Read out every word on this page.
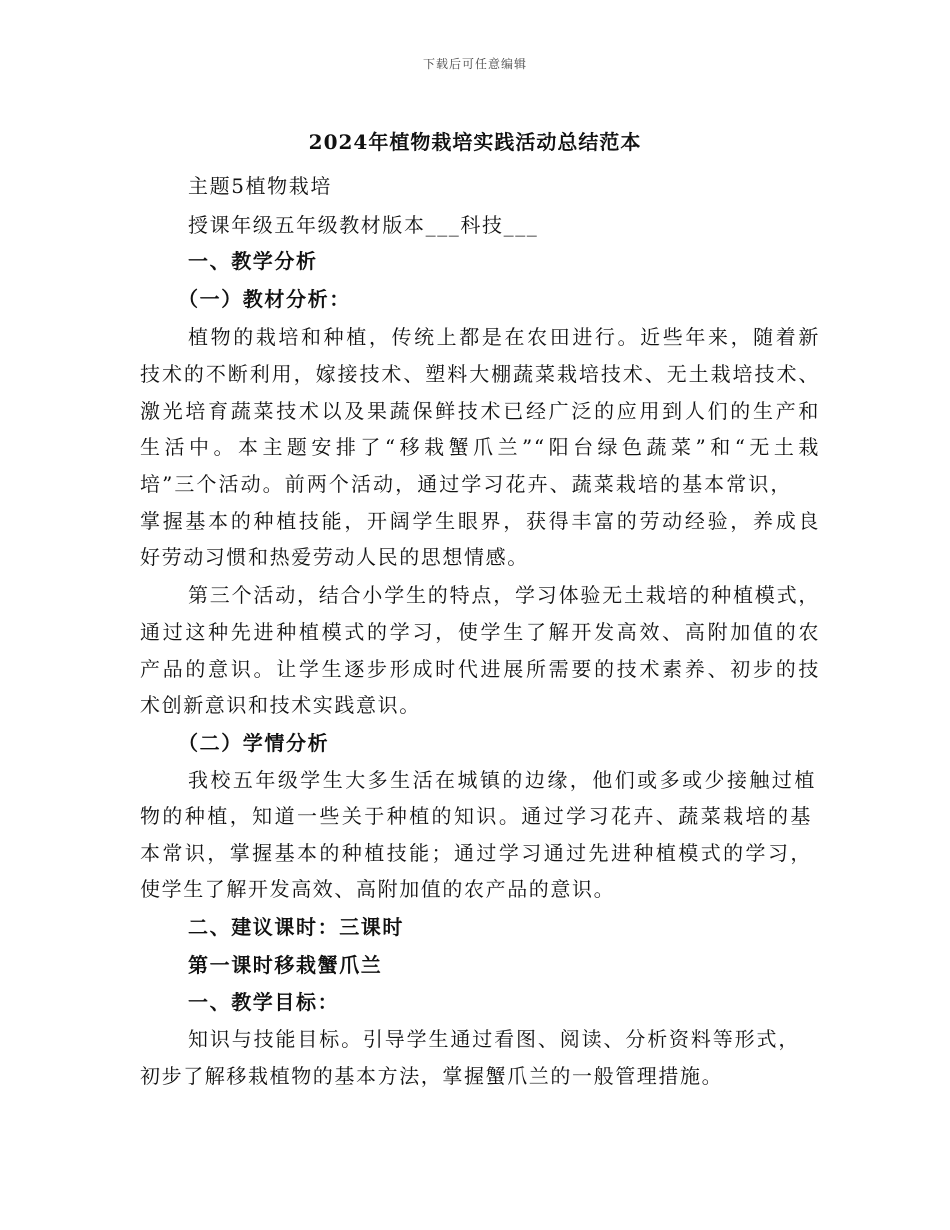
下载后可任意编辑
2024年植物栽培实践活动总结范本
主题5植物栽培
授课年级五年级教材版本___科技___
一、教学分析
（一）教材分析：
植物的栽培和种植，传统上都是在农田进行。近些年来，随着新
技术的不断利用，嫁接技术、塑料大棚蔬菜栽培技术、无土栽培技术、
激光培育蔬菜技术以及果蔬保鲜技术已经广泛的应用到人们的生产和
生活中。本主题安排了“移栽蟹爪兰”“阳台绿色蔬菜”和“无土栽
培”三个活动。前两个活动，通过学习花卉、蔬菜栽培的基本常识，
掌握基本的种植技能，开阔学生眼界，获得丰富的劳动经验，养成良
好劳动习惯和热爱劳动人民的思想情感。
第三个活动，结合小学生的特点，学习体验无土栽培的种植模式，
通过这种先进种植模式的学习，使学生了解开发高效、高附加值的农
产品的意识。让学生逐步形成时代进展所需要的技术素养、初步的技
术创新意识和技术实践意识。
（二）学情分析
我校五年级学生大多生活在城镇的边缘，他们或多或少接触过植
物的种植，知道一些关于种植的知识。通过学习花卉、蔬菜栽培的基
本常识，掌握基本的种植技能；通过学习通过先进种植模式的学习，
使学生了解开发高效、高附加值的农产品的意识。
二、建议课时：三课时
第一课时移栽蟹爪兰
一、教学目标：
知识与技能目标。引导学生通过看图、阅读、分析资料等形式，
初步了解移栽植物的基本方法，掌握蟹爪兰的一般管理措施。
